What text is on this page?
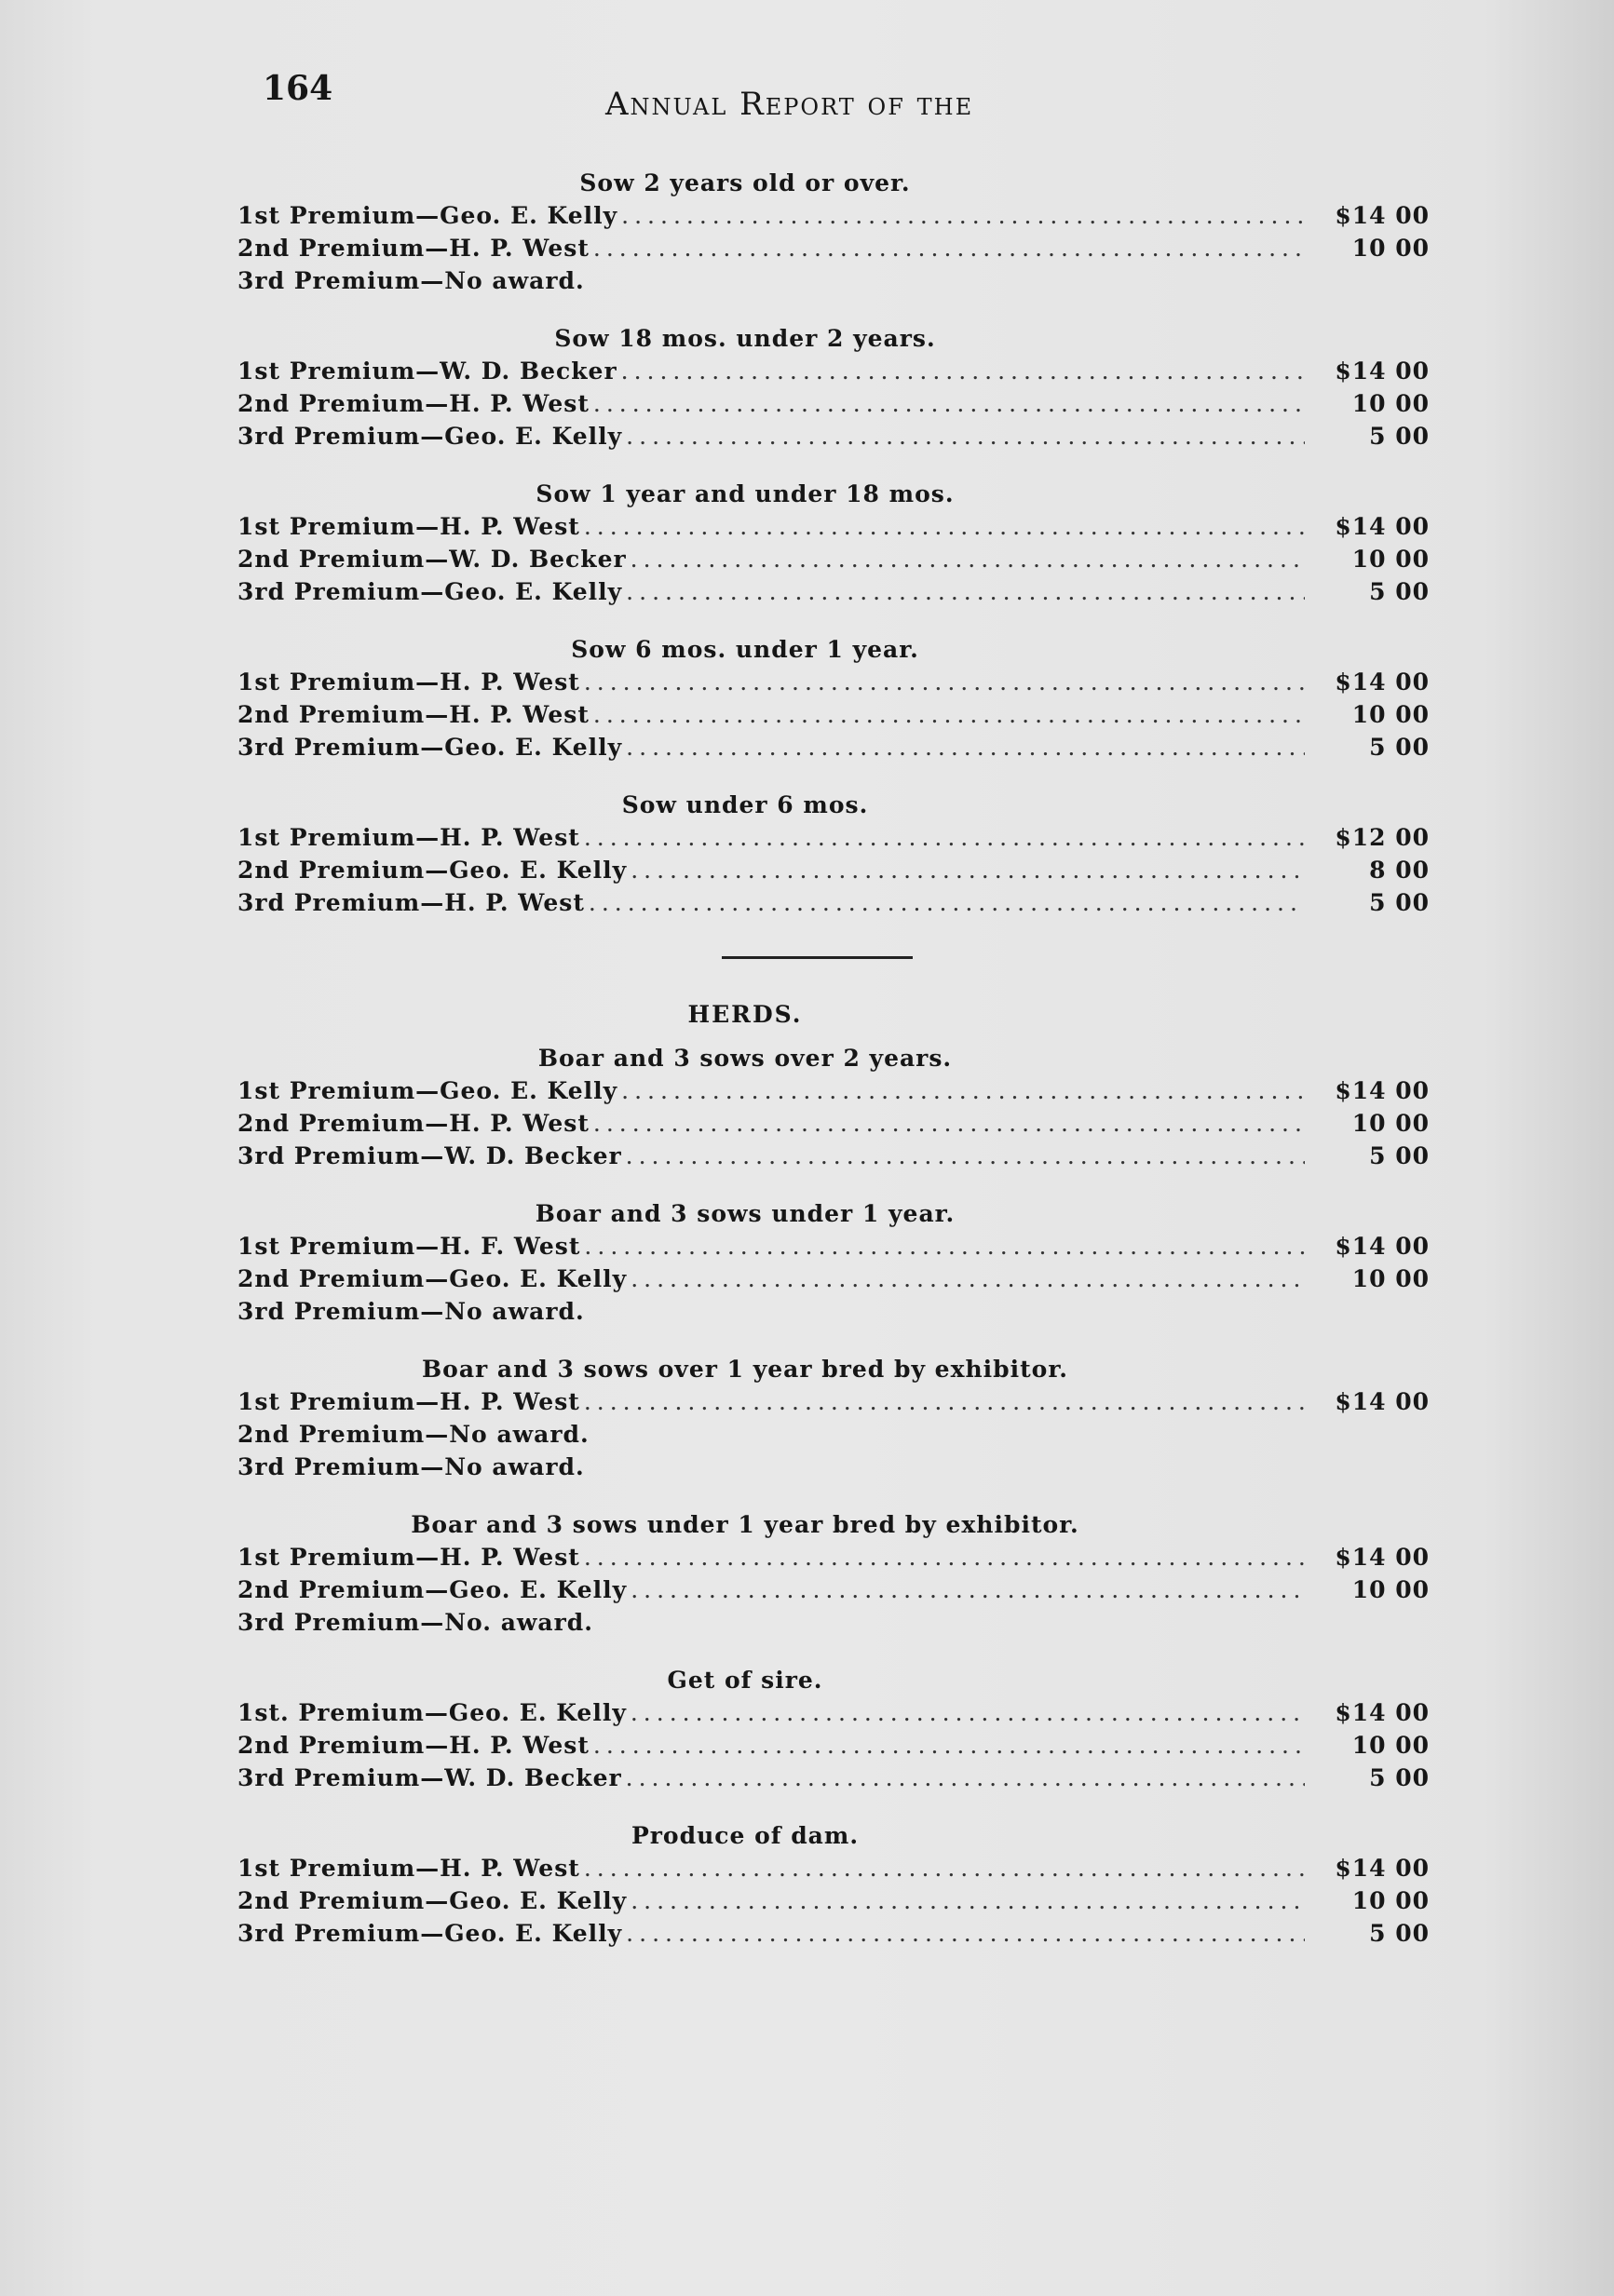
164	Annual Report of the
Sow 2 years old or over.
1st Premium—Geo. E. Kelly .....	$14 00
2nd Premium—H. P. West .....	10 00
3rd Premium—No award.
Sow 18 mos. under 2 years.
1st Premium—W. D. Becker .....	$14 00
2nd Premium—H. P. West .....	10 00
3rd Premium—Geo. E. Kelly .....	5 00
Sow 1 year and under 18 mos.
1st Premium—H. P. West .....	$14 00
2nd Premium—W. D. Becker .....	10 00
3rd Premium—Geo. E. Kelly .....	5 00
Sow 6 mos. under 1 year.
1st Premium—H. P. West .....	$14 00
2nd Premium—H. P. West .....	10 00
3rd Premium—Geo. E. Kelly .....	5 00
Sow under 6 mos.
1st Premium—H. P. West .....	$12 00
2nd Premium—Geo. E. Kelly .....	8 00
3rd Premium—H. P. West .....	5 00
HERDS.
Boar and 3 sows over 2 years.
1st Premium—Geo. E. Kelly .....	$14 00
2nd Premium—H. P. West .....	10 00
3rd Premium—W. D. Becker .....	5 00
Boar and 3 sows under 1 year.
1st Premium—H. F. West .....	$14 00
2nd Premium—Geo. E. Kelly .....	10 00
3rd Premium—No award.
Boar and 3 sows over 1 year bred by exhibitor.
1st Premium—H. P. West .....	$14 00
2nd Premium—No award.
3rd Premium—No award.
Boar and 3 sows under 1 year bred by exhibitor.
1st Premium—H. P. West .....	$14 00
2nd Premium—Geo. E. Kelly .....	10 00
3rd Premium—No. award.
Get of sire.
1st. Premium—Geo. E. Kelly .....	$14 00
2nd Premium—H. P. West .....	10 00
3rd Premium—W. D. Becker .....	5 00
Produce of dam.
1st Premium—H. P. West .....	$14 00
2nd Premium—Geo. E. Kelly .....	10 00
3rd Premium—Geo. E. Kelly .....	5 00
